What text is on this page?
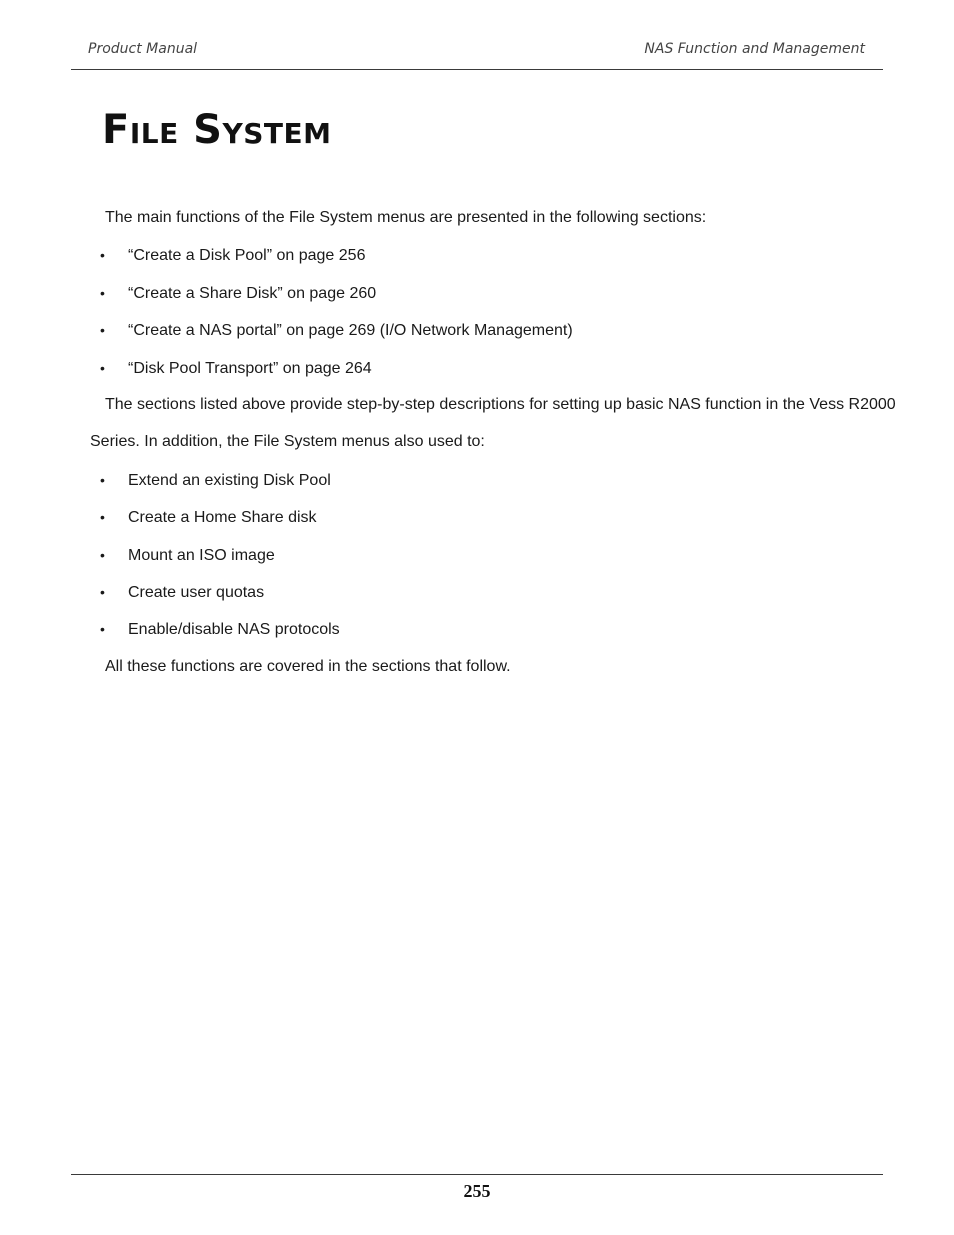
Product Manual	NAS Function and Management
File System
The main functions of the File System menus are presented in the following sections:
• “Create a Disk Pool” on page 256
• “Create a Share Disk” on page 260
• “Create a NAS portal” on page 269 (I/O Network Management)
• “Disk Pool Transport” on page 264
The sections listed above provide step-by-step descriptions for setting up basic NAS function in the Vess R2000
Series. In addition, the File System menus also used to:
• Extend an existing Disk Pool
• Create a Home Share disk
• Mount an ISO image
• Create user quotas
• Enable/disable NAS protocols
All these functions are covered in the sections that follow.
255
